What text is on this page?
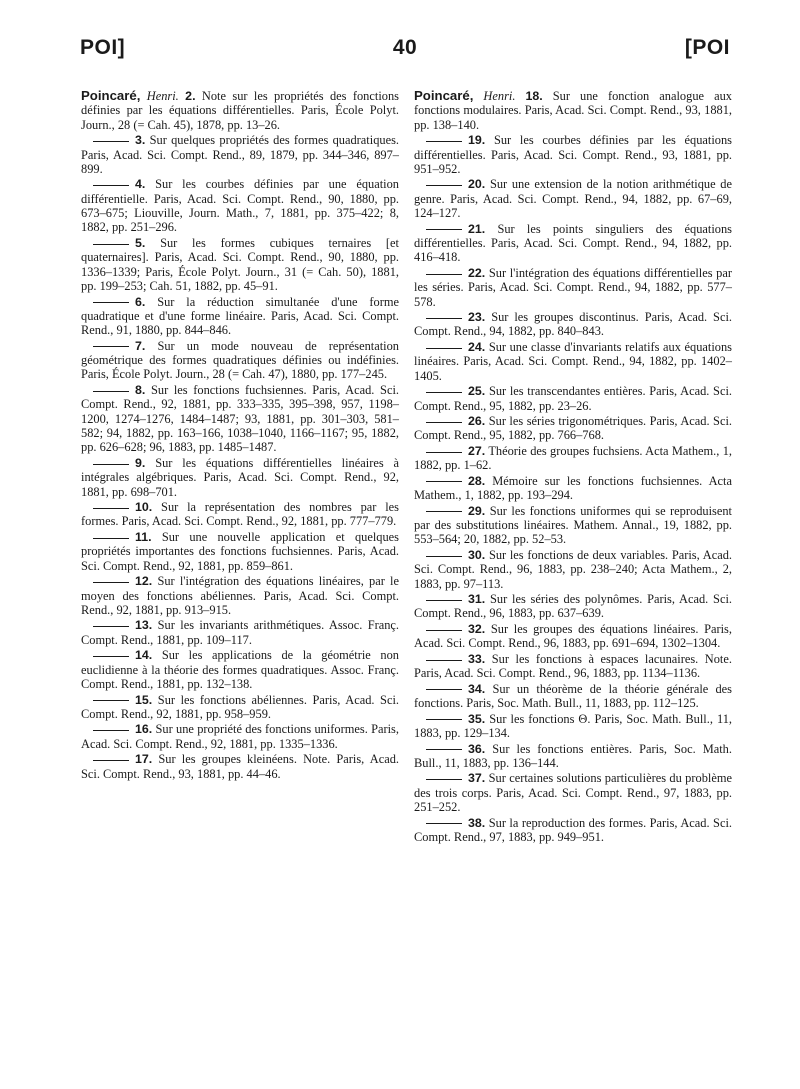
POI]	40	[POI

Poincaré, Henri. 2. Note sur les propriétés des fonctions définies par les équations différentielles. Paris, École Polyt. Journ., 28 (= Cah. 45), 1878, pp. 13–26.

3. Sur quelques propriétés des formes quadratiques. Paris, Acad. Sci. Compt. Rend., 89, 1879, pp. 344–346, 897–899.

4. Sur les courbes définies par une équation différentielle. Paris, Acad. Sci. Compt. Rend., 90, 1880, pp. 673–675; Liouville, Journ. Math., 7, 1881, pp. 375–422; 8, 1882, pp. 251–296.

5. Sur les formes cubiques ternaires [et quaternaires]. Paris, Acad. Sci. Compt. Rend., 90, 1880, pp. 1336–1339; Paris, École Polyt. Journ., 31 (= Cah. 50), 1881, pp. 199–253; Cah. 51, 1882, pp. 45–91.

6. Sur la réduction simultanée d'une forme quadratique et d'une forme linéaire. Paris, Acad. Sci. Compt. Rend., 91, 1880, pp. 844–846.

7. Sur un mode nouveau de représentation géométrique des formes quadratiques définies ou indéfinies. Paris, École Polyt. Journ., 28 (= Cah. 47), 1880, pp. 177–245.

8. Sur les fonctions fuchsiennes. Paris, Acad. Sci. Compt. Rend., 92, 1881, pp. 333–335, 395–398, 957, 1198–1200, 1274–1276, 1484–1487; 93, 1881, pp. 301–303, 581–582; 94, 1882, pp. 163–166, 1038–1040, 1166–1167; 95, 1882, pp. 626–628; 96, 1883, pp. 1485–1487.

9. Sur les équations différentielles linéaires à intégrales algébriques. Paris, Acad. Sci. Compt. Rend., 92, 1881, pp. 698–701.

10. Sur la représentation des nombres par les formes. Paris, Acad. Sci. Compt. Rend., 92, 1881, pp. 777–779.

11. Sur une nouvelle application et quelques propriétés importantes des fonctions fuchsiennes. Paris, Acad. Sci. Compt. Rend., 92, 1881, pp. 859–861.

12. Sur l'intégration des équations linéaires, par le moyen des fonctions abéliennes. Paris, Acad. Sci. Compt. Rend., 92, 1881, pp. 913–915.

13. Sur les invariants arithmétiques. Assoc. Franç. Compt. Rend., 1881, pp. 109–117.

14. Sur les applications de la géométrie non euclidienne à la théorie des formes quadratiques. Assoc. Franç. Compt. Rend., 1881, pp. 132–138.

15. Sur les fonctions abéliennes. Paris, Acad. Sci. Compt. Rend., 92, 1881, pp. 958–959.

16. Sur une propriété des fonctions uniformes. Paris, Acad. Sci. Compt. Rend., 92, 1881, pp. 1335–1336.

17. Sur les groupes kleinéens. Note. Paris, Acad. Sci. Compt. Rend., 93, 1881, pp. 44–46.

Poincaré, Henri. 18. Sur une fonction analogue aux fonctions modulaires. Paris, Acad. Sci. Compt. Rend., 93, 1881, pp. 138–140.

19. Sur les courbes définies par les équations différentielles. Paris, Acad. Sci. Compt. Rend., 93, 1881, pp. 951–952.

20. Sur une extension de la notion arithmétique de genre. Paris, Acad. Sci. Compt. Rend., 94, 1882, pp. 67–69, 124–127.

21. Sur les points singuliers des équations différentielles. Paris, Acad. Sci. Compt. Rend., 94, 1882, pp. 416–418.

22. Sur l'intégration des équations différentielles par les séries. Paris, Acad. Sci. Compt. Rend., 94, 1882, pp. 577–578.

23. Sur les groupes discontinus. Paris, Acad. Sci. Compt. Rend., 94, 1882, pp. 840–843.

24. Sur une classe d'invariants relatifs aux équations linéaires. Paris, Acad. Sci. Compt. Rend., 94, 1882, pp. 1402–1405.

25. Sur les transcendantes entières. Paris, Acad. Sci. Compt. Rend., 95, 1882, pp. 23–26.

26. Sur les séries trigonométriques. Paris, Acad. Sci. Compt. Rend., 95, 1882, pp. 766–768.

27. Théorie des groupes fuchsiens. Acta Mathem., 1, 1882, pp. 1–62.

28. Mémoire sur les fonctions fuchsiennes. Acta Mathem., 1, 1882, pp. 193–294.

29. Sur les fonctions uniformes qui se reproduisent par des substitutions linéaires. Mathem. Annal., 19, 1882, pp. 553–564; 20, 1882, pp. 52–53.

30. Sur les fonctions de deux variables. Paris, Acad. Sci. Compt. Rend., 96, 1883, pp. 238–240; Acta Mathem., 2, 1883, pp. 97–113.

31. Sur les séries des polynômes. Paris, Acad. Sci. Compt. Rend., 96, 1883, pp. 637–639.

32. Sur les groupes des équations linéaires. Paris, Acad. Sci. Compt. Rend., 96, 1883, pp. 691–694, 1302–1304.

33. Sur les fonctions à espaces lacunaires. Note. Paris, Acad. Sci. Compt. Rend., 96, 1883, pp. 1134–1136.

34. Sur un théorème de la théorie générale des fonctions. Paris, Soc. Math. Bull., 11, 1883, pp. 112–125.

35. Sur les fonctions Θ. Paris, Soc. Math. Bull., 11, 1883, pp. 129–134.

36. Sur les fonctions entières. Paris, Soc. Math. Bull., 11, 1883, pp. 136–144.

37. Sur certaines solutions particulières du problème des trois corps. Paris, Acad. Sci. Compt. Rend., 97, 1883, pp. 251–252.

38. Sur la reproduction des formes. Paris, Acad. Sci. Compt. Rend., 97, 1883, pp. 949–951.
